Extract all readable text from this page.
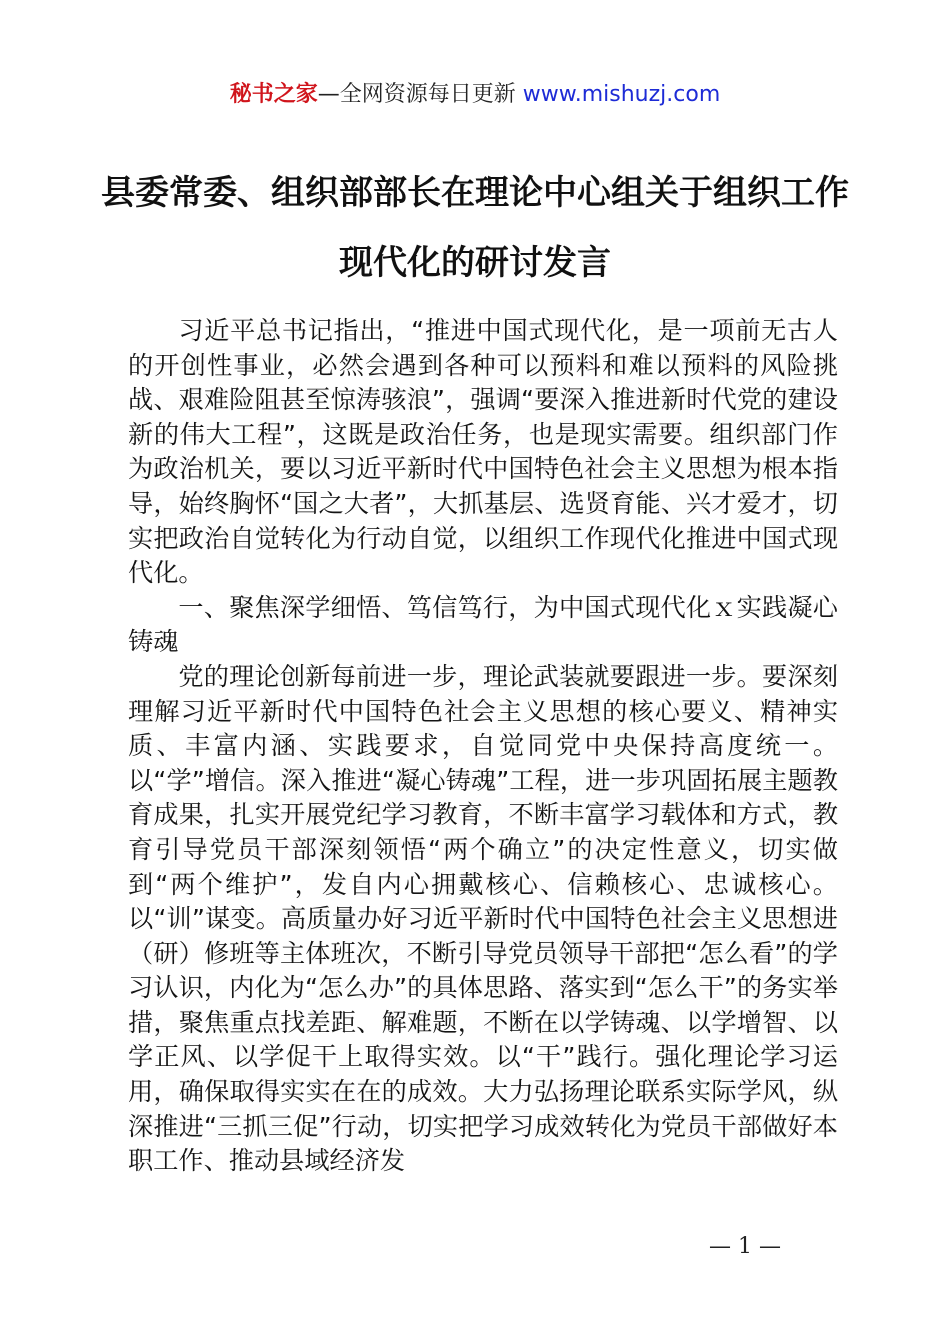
秘书之家—全网资源每日更新 www.mishuzj.com
县委常委、组织部部长在理论中心组关于组织工作现代化的研讨发言

习近平总书记指出，“推进中国式现代化，是一项前无古人的开创性事业，必然会遇到各种可以预料和难以预料的风险挑战、艰难险阻甚至惊涛骇浪”，强调“要深入推进新时代党的建设新的伟大工程”，这既是政治任务，也是现实需要。组织部门作为政治机关，要以习近平新时代中国特色社会主义思想为根本指导，始终胸怀“国之大者”，大抓基层、选贤育能、兴才爱才，切实把政治自觉转化为行动自觉，以组织工作现代化推进中国式现代化。

一、聚焦深学细悟、笃信笃行，为中国式现代化ｘ实践凝心铸魂

党的理论创新每前进一步，理论武装就要跟进一步。要深刻理解习近平新时代中国特色社会主义思想的核心要义、精神实质、丰富内涵、实践要求，自觉同党中央保持高度统一。以“学”增信。深入推进“凝心铸魂”工程，进一步巩固拓展主题教育成果，扎实开展党纪学习教育，不断丰富学习载体和方式，教育引导党员干部深刻领悟“两个确立”的决定性意义，切实做到“两个维护”，发自内心拥戴核心、信赖核心、忠诚核心。以“训”谋变。高质量办好习近平新时代中国特色社会主义思想进（研）修班等主体班次，不断引导党员领导干部把“怎么看”的学习认识，内化为“怎么办”的具体思路、落实到“怎么干”的务实举措，聚焦重点找差距、解难题，不断在以学铸魂、以学增智、以学正风、以学促干上取得实效。以“干”践行。强化理论学习运用，确保取得实实在在的成效。大力弘扬理论联系实际学风，纵深推进“三抓三促”行动，切实把学习成效转化为党员干部做好本职工作、推动县域经济发

— 1 —
